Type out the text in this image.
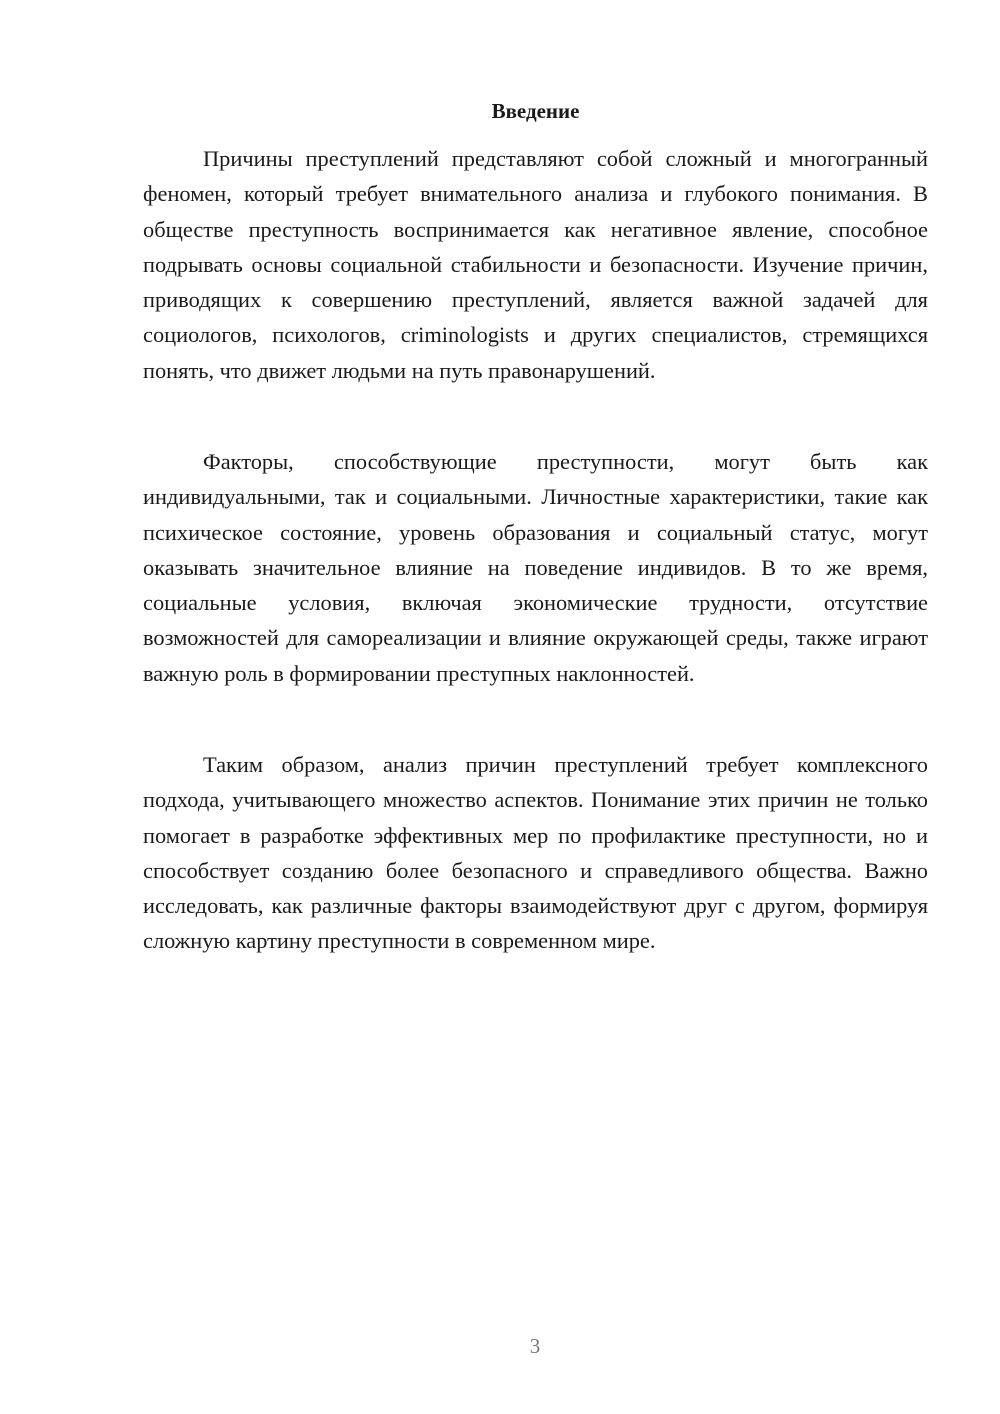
Введение

Причины преступлений представляют собой сложный и многогранный феномен, который требует внимательного анализа и глубокого понимания. В обществе преступность воспринимается как негативное явление, способное подрывать основы социальной стабильности и безопасности. Изучение причин, приводящих к совершению преступлений, является важной задачей для социологов, психологов, criminologists и других специалистов, стремящихся понять, что движет людьми на путь правонарушений.

Факторы, способствующие преступности, могут быть как индивидуальными, так и социальными. Личностные характеристики, такие как психическое состояние, уровень образования и социальный статус, могут оказывать значительное влияние на поведение индивидов. В то же время, социальные условия, включая экономические трудности, отсутствие возможностей для самореализации и влияние окружающей среды, также играют важную роль в формировании преступных наклонностей.

Таким образом, анализ причин преступлений требует комплексного подхода, учитывающего множество аспектов. Понимание этих причин не только помогает в разработке эффективных мер по профилактике преступности, но и способствует созданию более безопасного и справедливого общества. Важно исследовать, как различные факторы взаимодействуют друг с другом, формируя сложную картину преступности в современном мире.

3
